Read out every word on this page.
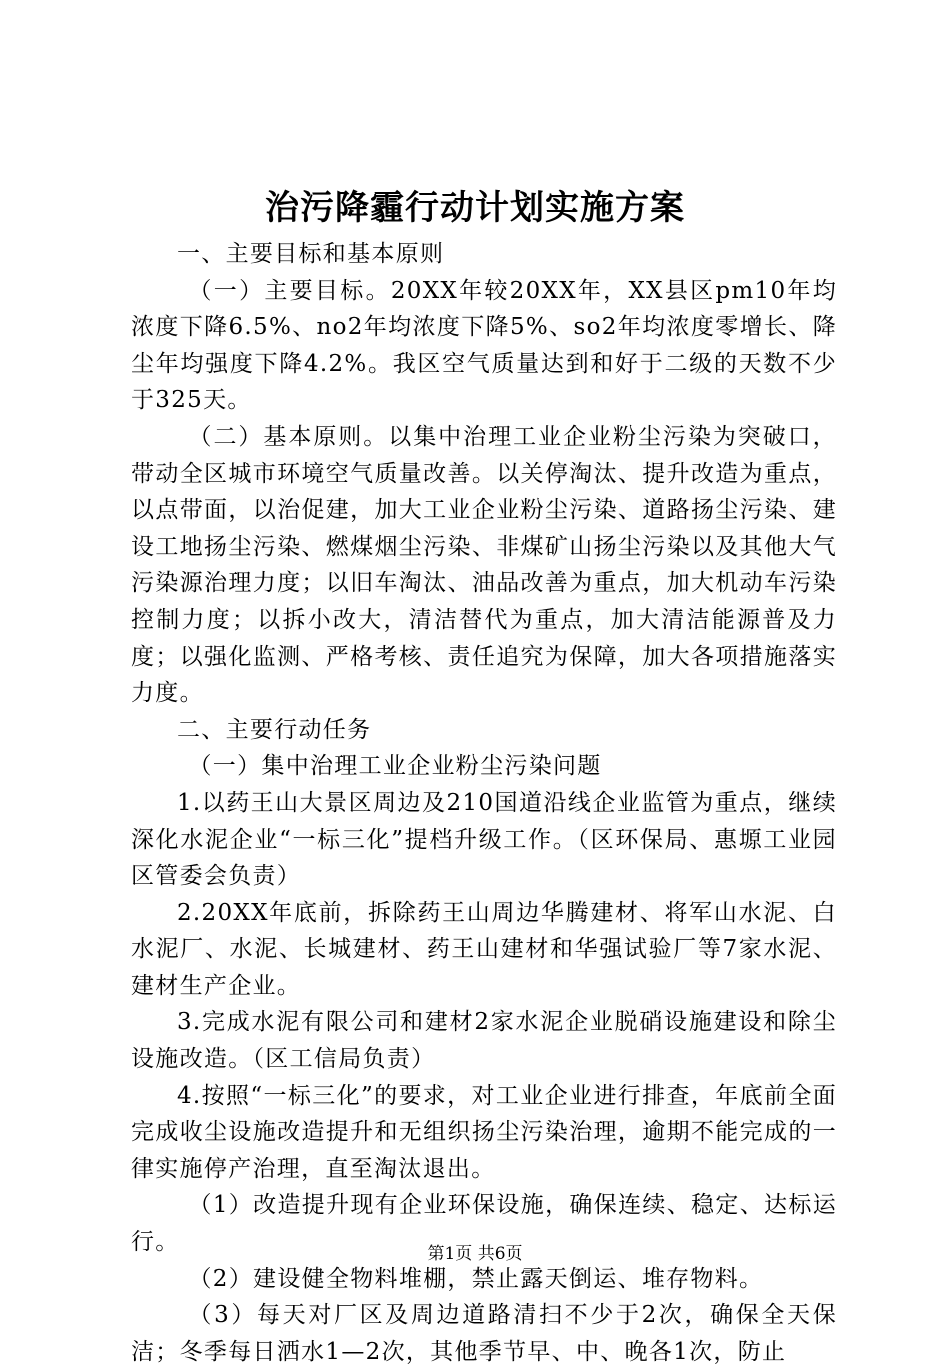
治污降霾行动计划实施方案

一、主要目标和基本原则

（一）主要目标。20XX年较20XX年，XX县区pm10年均浓度下降6.5%、no2年均浓度下降5%、so2年均浓度零增长、降尘年均强度下降4.2%。我区空气质量达到和好于二级的天数不少于325天。

（二）基本原则。以集中治理工业企业粉尘污染为突破口，带动全区城市环境空气质量改善。以关停淘汰、提升改造为重点，以点带面，以治促建，加大工业企业粉尘污染、道路扬尘污染、建设工地扬尘污染、燃煤烟尘污染、非煤矿山扬尘污染以及其他大气污染源治理力度；以旧车淘汰、油品改善为重点，加大机动车污染控制力度；以拆小改大，清洁替代为重点，加大清洁能源普及力度；以强化监测、严格考核、责任追究为保障，加大各项措施落实力度。

二、主要行动任务

（一）集中治理工业企业粉尘污染问题

1.以药王山大景区周边及210国道沿线企业监管为重点，继续深化水泥企业“一标三化”提档升级工作。（区环保局、惠塬工业园区管委会负责）

2.20XX年底前，拆除药王山周边华腾建材、将军山水泥、白水泥厂、水泥、长城建材、药王山建材和华强试验厂等7家水泥、建材生产企业。

3.完成水泥有限公司和建材2家水泥企业脱硝设施建设和除尘设施改造。（区工信局负责）

4.按照“一标三化”的要求，对工业企业进行排查，年底前全面完成收尘设施改造提升和无组织扬尘污染治理，逾期不能完成的一律实施停产治理，直至淘汰退出。

（1）改造提升现有企业环保设施，确保连续、稳定、达标运行。

（2）建设健全物料堆棚，禁止露天倒运、堆存物料。

（3）每天对厂区及周边道路清扫不少于2次，确保全天保洁；冬季每日洒水1—2次，其他季节早、中、晚各1次，防止

第1页 共6页
